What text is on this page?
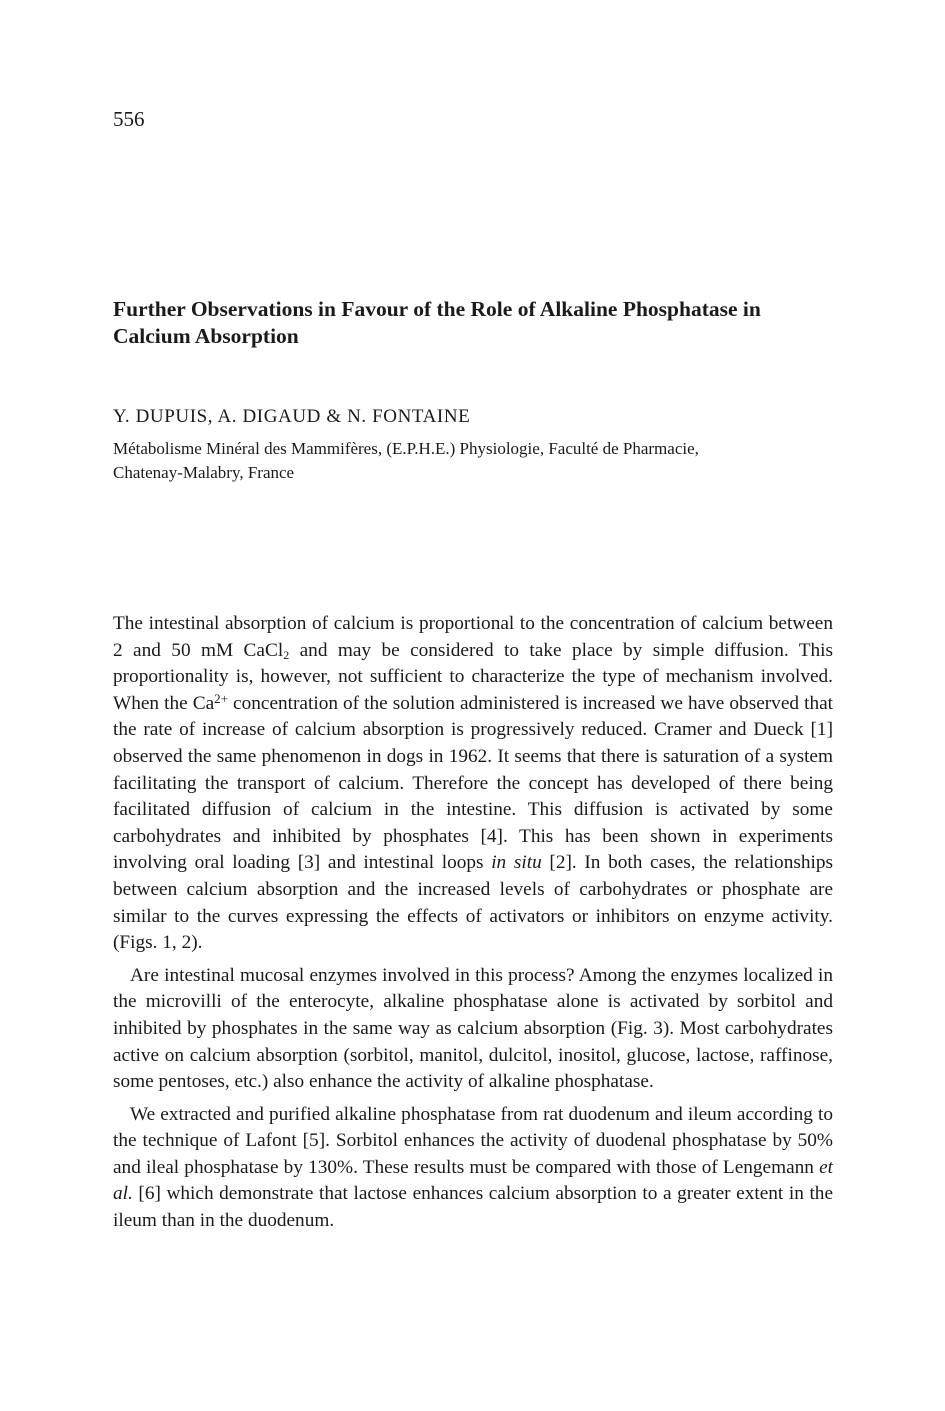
556
Further Observations in Favour of the Role of Alkaline Phosphatase in Calcium Absorption
Y. DUPUIS, A. DIGAUD & N. FONTAINE
Métabolisme Minéral des Mammifères, (E.P.H.E.) Physiologie, Faculté de Pharmacie,
Chatenay-Malabry, France

The intestinal absorption of calcium is proportional to the concentration of calcium between 2 and 50 mM CaCl$_2$ and may be considered to take place by simple diffusion. This proportionality is, however, not sufficient to characterize the type of mechanism involved. When the $Ca^{2+}$ concentration of the solution administered is increased we have observed that the rate of increase of calcium absorption is progressively reduced. Cramer and Dueck [1] observed the same phenomenon in dogs in 1962. It seems that there is saturation of a system facilitating the transport of calcium. Therefore the concept has developed of there being facilitated diffusion of calcium in the intestine. This diffusion is activated by some carbohydrates and inhibited by phosphates [4]. This has been shown in experiments involving oral loading [3] and intestinal loops in situ [2]. In both cases, the relationships between calcium absorption and the increased levels of carbohydrates or phosphate are similar to the curves expressing the effects of activators or inhibitors on enzyme activity. (Figs. 1, 2).

Are intestinal mucosal enzymes involved in this process? Among the enzymes localized in the microvilli of the enterocyte, alkaline phosphatase alone is activated by sorbitol and inhibited by phosphates in the same way as calcium absorption (Fig. 3). Most carbohydrates active on calcium absorption (sorbitol, manitol, dulcitol, inositol, glucose, lactose, raffinose, some pentoses, etc.) also enhance the activity of alkaline phosphatase.

We extracted and purified alkaline phosphatase from rat duodenum and ileum according to the technique of Lafont [5]. Sorbitol enhances the activity of duodenal phosphatase by 50% and ileal phosphatase by 130%. These results must be compared with those of Lengemann et al. [6] which demonstrate that lactose enhances calcium absorption to a greater extent in the ileum than in the duodenum.
